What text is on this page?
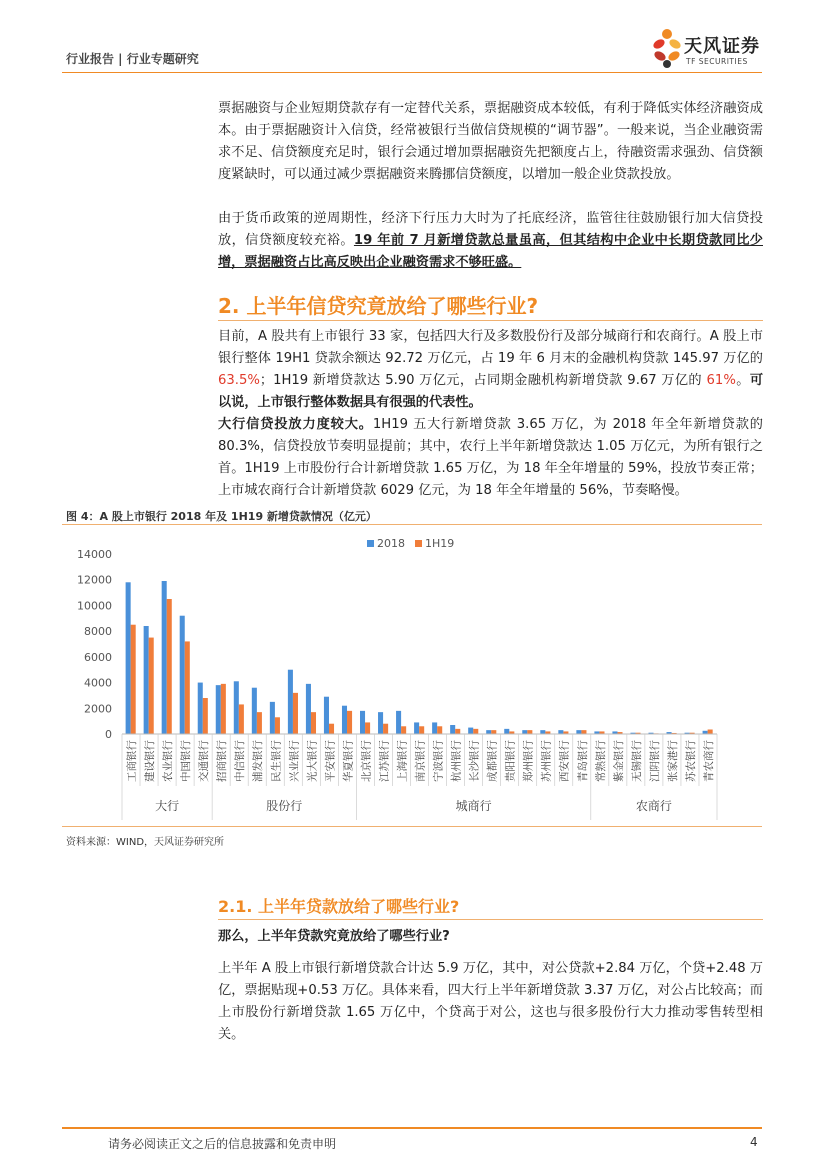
行业报告 | 行业专题研究
天风证券
TF SECURITIES
票据融资与企业短期贷款存有一定替代关系，票据融资成本较低，有利于降低实体经济融资成本。由于票据融资计入信贷，经常被银行当做信贷规模的“调节器”。一般来说，当企业融资需求不足、信贷额度充足时，银行会通过增加票据融资先把额度占上，待融资需求强劲、信贷额度紧缺时，可以通过减少票据融资来腾挪信贷额度，以增加一般企业贷款投放。
由于货币政策的逆周期性，经济下行压力大时为了托底经济，监管往往鼓励银行加大信贷投放，信贷额度较充裕。19 年前 7 月新增贷款总量虽高，但其结构中企业中长期贷款同比少增，票据融资占比高反映出企业融资需求不够旺盛。
2. 上半年信贷究竟放给了哪些行业?
目前，A 股共有上市银行 33 家，包括四大行及多数股份行及部分城商行和农商行。A 股上市银行整体 19H1 贷款余额达 92.72 万亿元，占 19 年 6 月末的金融机构贷款 145.97 万亿的 63.5%；1H19 新增贷款达 5.90 万亿元，占同期金融机构新增贷款 9.67 万亿的 61%。可以说，上市银行整体数据具有很强的代表性。
大行信贷投放力度较大。1H19 五大行新增贷款 3.65 万亿，为 2018 年全年新增贷款的 80.3%，信贷投放节奏明显提前；其中，农行上半年新增贷款达 1.05 万亿元，为所有银行之首。1H19 上市股份行合计新增贷款 1.65 万亿，为 18 年全年增量的 59%，投放节奏正常；上市城农商行合计新增贷款 6029 亿元，为 18 年全年增量的 56%，节奏略慢。
图 4：A 股上市银行 2018 年及 1H19 新增贷款情况（亿元）
0
2000
4000
6000
8000
10000
12000
14000
工商银行 建设银行 农业银行 中国银行 交通银行 招商银行 中信银行 浦发银行 民生银行 兴业银行 光大银行 平安银行 华夏银行 北京银行 江苏银行 上海银行 南京银行 宁波银行 杭州银行 长沙银行 成都银行 贵阳银行 郑州银行 苏州银行 西安银行 青岛银行 常熟银行 紫金银行 无锡银行 江阴银行 张家港行 苏农银行 青农商行
大行	股份行	城商行	农商行
2018 1H19
资料来源：WIND，天风证券研究所
2.1. 上半年贷款放给了哪些行业?
那么，上半年贷款究竟放给了哪些行业?
上半年 A 股上市银行新增贷款合计达 5.9 万亿，其中，对公贷款+2.84 万亿，个贷+2.48 万亿，票据贴现+0.53 万亿。具体来看，四大行上半年新增贷款 3.37 万亿，对公占比较高；而上市股份行新增贷款 1.65 万亿中，个贷高于对公，这也与很多股份行大力推动零售转型相关。
请务必阅读正文之后的信息披露和免责申明	4
